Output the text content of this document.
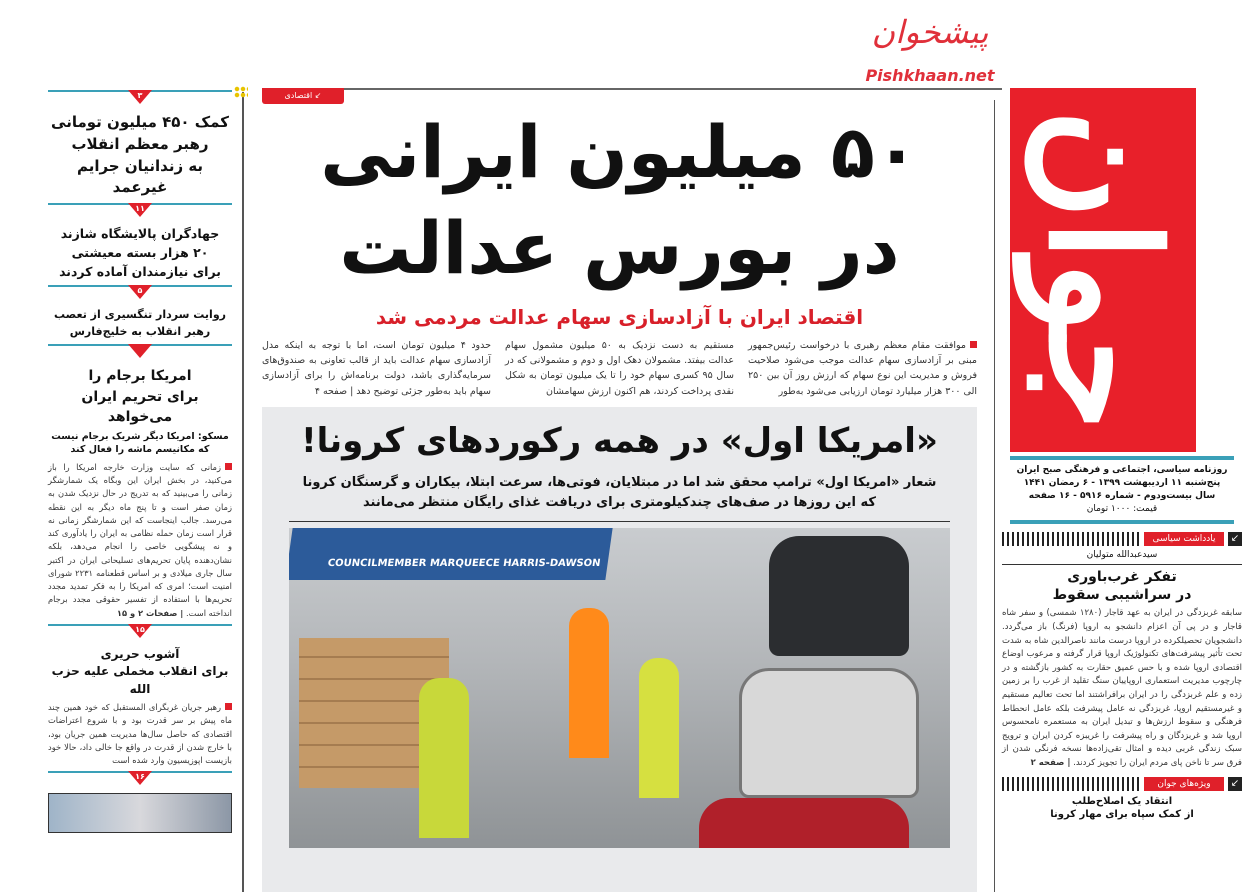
پیشخوان
Pishkhaan.net
جوان
روزنامه سیاسی، اجتماعی و فرهنگی صبح ایران
پنج‌شنبه ۱۱ اردیبهشت ۱۳۹۹ - ۶ رمضان ۱۴۴۱
سال بیست‌ودوم - شماره ۵۹۱۶ - ۱۶ صفحه
قیمت: ۱۰۰۰ تومان
↙
یادداشت سیاسی
سیدعبدالله متولیان
تفکر غرب‌باوری
در سراشیبی سقوط
سابقه غربزدگی در ایران به عهد قاجار (۱۲۸۰ شمسی) و سفر شاه قاجار و در پی آن اعزام دانشجو به اروپا (فرنگ) باز می‌گردد. دانشجویان تحصیلکرده در اروپا درست مانند ناصرالدین شاه به شدت تحت تأثیر پیشرفت‌های تکنولوژیک اروپا قرار گرفته و مرعوب اوضاع اقتصادی اروپا شده و با حس عمیق حقارت به کشور بازگشته و در چارچوب مدیریت استعماری اروپاییان سنگ تقلید از غرب را بر زمین زده و علم غربزدگی را در ایران برافراشتند اما تحت تعالیم مستقیم و غیرمستقیم اروپا، غربزدگی نه عامل پیشرفت بلکه عامل انحطاط فرهنگی و سقوط ارزش‌ها و تبدیل ایران به مستعمره نامحسوس اروپا شد و غربزدگان و راه پیشرفت را غریبزه کردن ایران و ترویج سبک زندگی غربی دیده و امثال تقی‌زاده‌ها نسخه فرنگی شدن از فرق سر تا ناخن پای مردم ایران را تجویز کردند. | صفحه ۲
↙
ویژه‌های جوان
انتقاد یک اصلاح‌طلب
از کمک سپاه برای مهار کرونا
↙ اقتصادی
۵۰ میلیون ایرانی
در بورس عدالت
اقتصاد ایران با آزادسازی سهام عدالت مردمی شد
موافقت مقام معظم رهبری با درخواست رئیس‌جمهور مبنی بر آزادسازی سهام عدالت موجب می‌شود صلاحیت فروش و مدیریت این نوع سهام که ارزش روز آن بین ۲۵۰ الی ۳۰۰ هزار میلیارد تومان ارزیابی می‌شود به‌طور
مستقیم به دست نزدیک به ۵۰ میلیون مشمول سهام عدالت بیفتد. مشمولان دهک اول و دوم و مشمولانی که در سال ۹۵ کسری سهام خود را تا یک میلیون تومان به شکل نقدی پرداخت کردند، هم اکنون ارزش سهامشان
حدود ۴ میلیون تومان است، اما با توجه به اینکه مدل آزادسازی سهام عدالت باید از قالب تعاونی به صندوق‌های سرمایه‌گذاری باشد، دولت برنامه‌اش را برای آزادسازی سهام باید به‌طور جزئی توضیح دهد | صفحه ۴
«امریکا اول» در همه رکوردهای کرونا!
شعار «امریکا اول» ترامپ محقق شد اما در مبتلایان، فوتی‌ها، سرعت ابتلا، بیکاران و گرسنگان کرونا
که این روزها در صف‌های چندکیلومتری برای دریافت غذای رایگان منتظر می‌مانند
COUNCILMEMBER MARQUEECE HARRIS-DAWSON
۳
کمک ۴۵۰ میلیون تومانی
رهبر معظم انقلاب
به زندانیان جرایم غیرعمد
۱۱
جهادگران پالایشگاه شازند
۲۰ هزار بسته معیشتی
برای نیازمندان آماده کردند
۵
روایت سردار تنگسیری از تعصب
رهبر انقلاب به خلیج‌فارس
امریکا برجام را
برای تحریم ایران می‌خواهد
مسکو: امریکا دیگر شریک برجام نیست
که مکانیسم ماشه را فعال کند
زمانی که سایت وزارت خارجه امریکا را باز می‌کنید، در بخش ایران این وبگاه یک شمارشگر زمانی را می‌بینید که به تدریج در حال نزدیک شدن به زمان صفر است و تا پنج ماه دیگر به این نقطه می‌رسد. جالب اینجاست که این شمارشگر زمانی نه قرار است زمان حمله نظامی به ایران را یادآوری کند و نه پیشگویی خاصی را انجام می‌دهد، بلکه نشان‌دهنده پایان تحریم‌های تسلیحاتی ایران در اکتبر سال جاری میلادی و بر اساس قطعنامه ۲۲۳۱ شورای امنیت است؛ امری که امریکا را به فکر تمدید مجدد تحریم‌ها با استفاده از تفسیر حقوقی مجدد برجام انداخته است. | صفحات ۲ و ۱۵
۱۵
آشوب حریری
برای انقلاب مخملی علیه حزب الله
رهبر جریان غربگرای المستقبل که خود همین چند ماه پیش بر سر قدرت بود و با شروع اعتراضات اقتصادی که حاصل سال‌ها مدیریت همین جریان بود، با خارج شدن از قدرت در واقع جا خالی داد، حالا خود بازیست اپوزیسیون وارد شده است
۱۶
